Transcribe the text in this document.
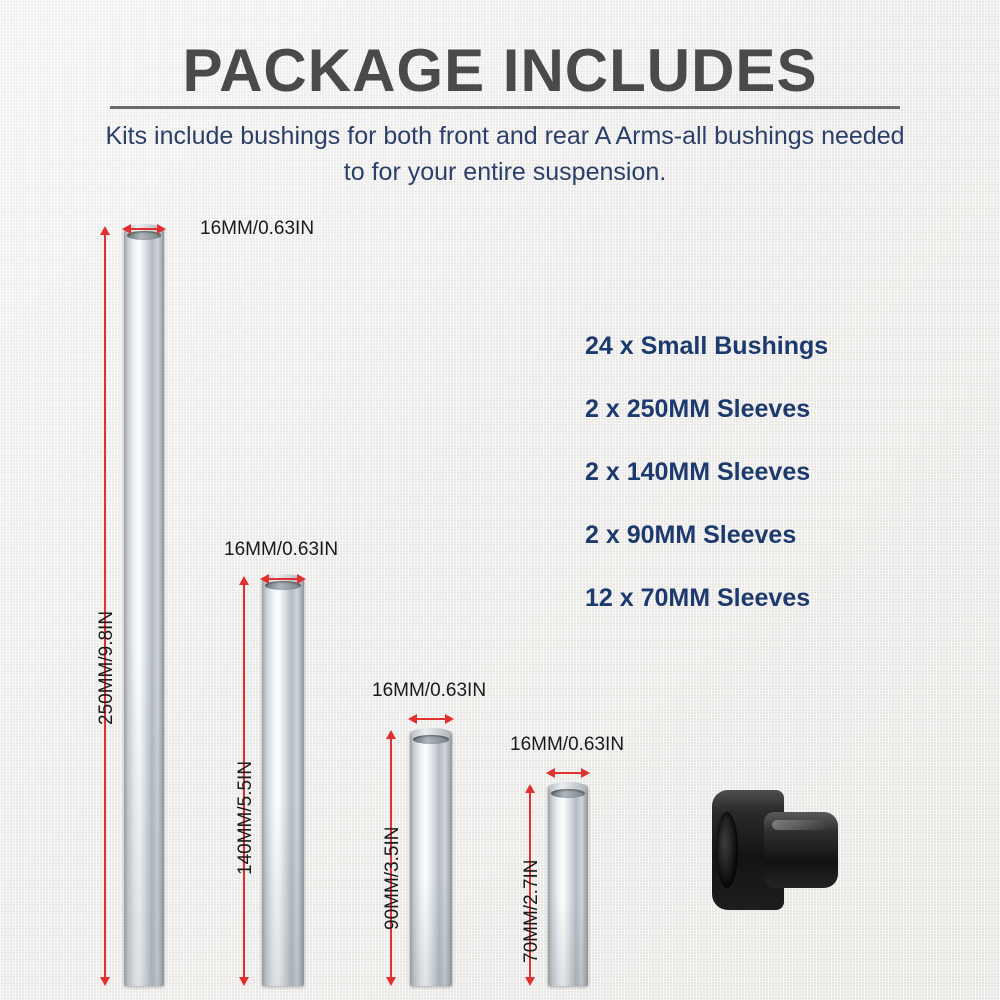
PACKAGE INCLUDES
Kits include bushings for both front and rear A Arms-all bushings needed to for your entire suspension.
24 x Small Bushings
2 x 250MM Sleeves
2 x 140MM Sleeves
2 x 90MM Sleeves
12 x 70MM Sleeves
250MM/9.8IN
16MM/0.63IN
140MM/5.5IN
16MM/0.63IN
90MM/3.5IN
16MM/0.63IN
70MM/2.7IN
16MM/0.63IN
